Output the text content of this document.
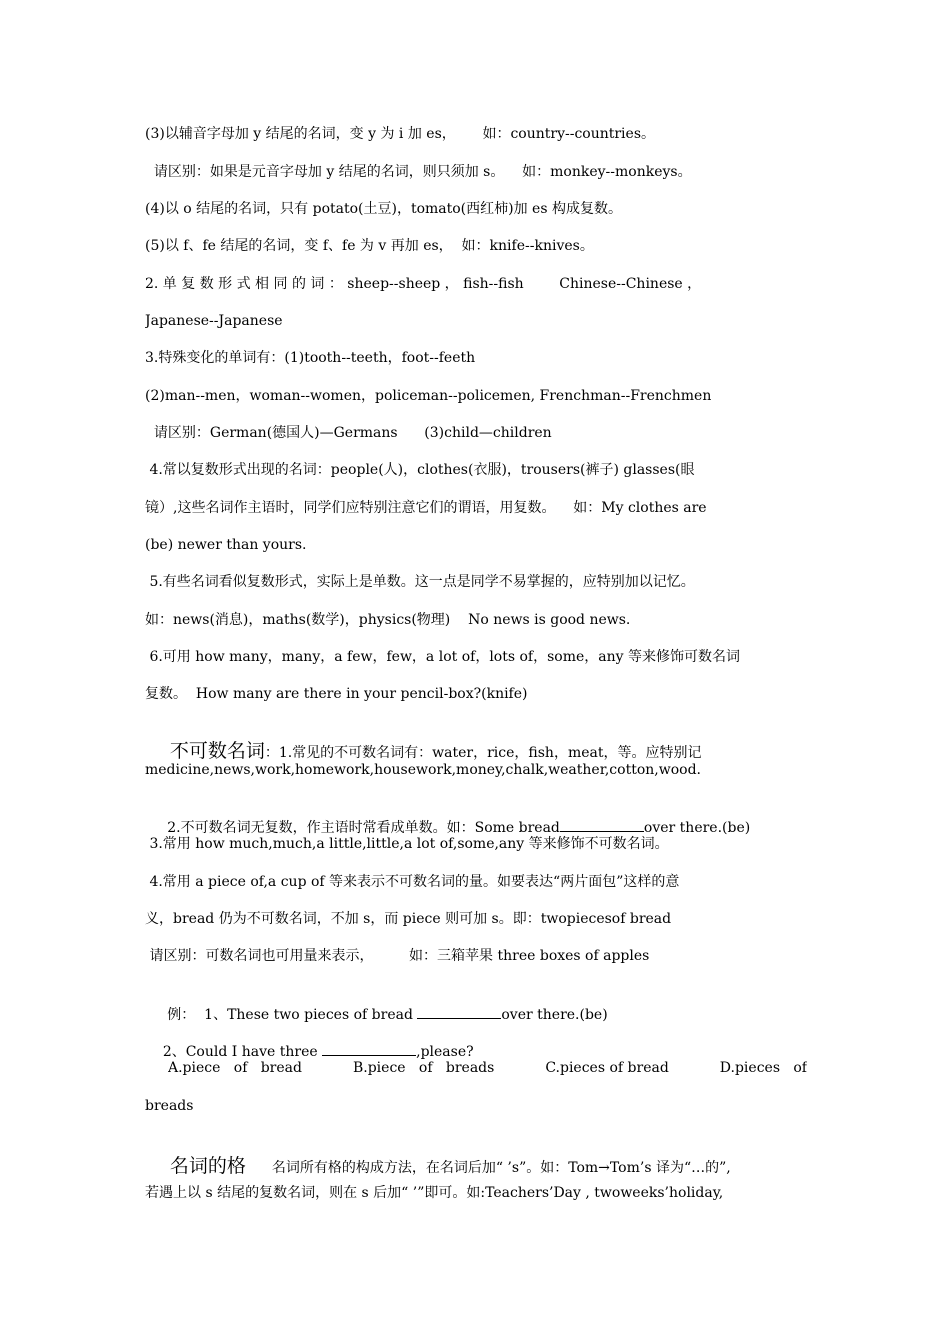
(3)以辅音字母加 y 结尾的名词，变 y 为 i 加 es，      如：country--countries。
请区别：如果是元音字母加 y 结尾的名词，则只须加 s。    如：monkey--monkeys。
(4)以 o 结尾的名词，只有 potato(土豆)，tomato(西红柿)加 es 构成复数。
(5)以 f、fe 结尾的名词，变 f、fe 为 v 再加 es，  如：knife--knives。
2. 单 复 数 形 式 相 同 的 词 ： sheep--sheep ， fish--fish        Chinese--Chinese ，
Japanese--Japanese
3.特殊变化的单词有：(1)tooth--teeth，foot--feeth
(2)man--men，woman--women，policeman--policemen, Frenchman--Frenchmen
请区别：German(德国人)—Germans      (3)child—children
4.常以复数形式出现的名词：people(人)，clothes(衣服)，trousers(裤子) glasses(眼
镜）,这些名词作主语时，同学们应特别注意它们的谓语，用复数。    如：My clothes are
(be) newer than yours.
5.有些名词看似复数形式，实际上是单数。这一点是同学不易掌握的，应特别加以记忆。
如：news(消息)，maths(数学)，physics(物理)    No news is good news.
6.可用 how many，many，a few，few，a lot of，lots of，some，any 等来修饰可数名词
复数。  How many are there in your pencil-box?(knife)

不可数名词：1.常见的不可数名词有：water，rice，fish，meat，等。应特别记

medicine,news,work,homework,housework,money,chalk,weather,cotton,wood.

2.不可数名词无复数，作主语时常看成单数。如：Some bread	over there.(be)

3.常用 how much,much,a little,little,a lot of,some,any 等来修饰不可数名词。
4.常用 a piece of,a cup of 等来表示不可数名词的量。如要表达“两片面包”这样的意
义，bread 仍为不可数名词，不加 s，而 piece 则可加 s。即：twopiecesof bread
请区别：可数名词也可用量来表示，        如：三箱苹果 three boxes of apples

例：  1、These two pieces of bread	over there.(be)

2、Could I have three	,please?

A.piece   of   bread	B.piece   of   breads	C.pieces of bread	D.pieces   of
breads

名词的格 名词所有格的构成方法，在名词后加“ ’s”。如：Tom→Tom’s 译为“…的”,

若遇上以 s 结尾的复数名词，则在 s 后加“ ’”即可。如:Teachers’Day , twoweeks’holiday,
